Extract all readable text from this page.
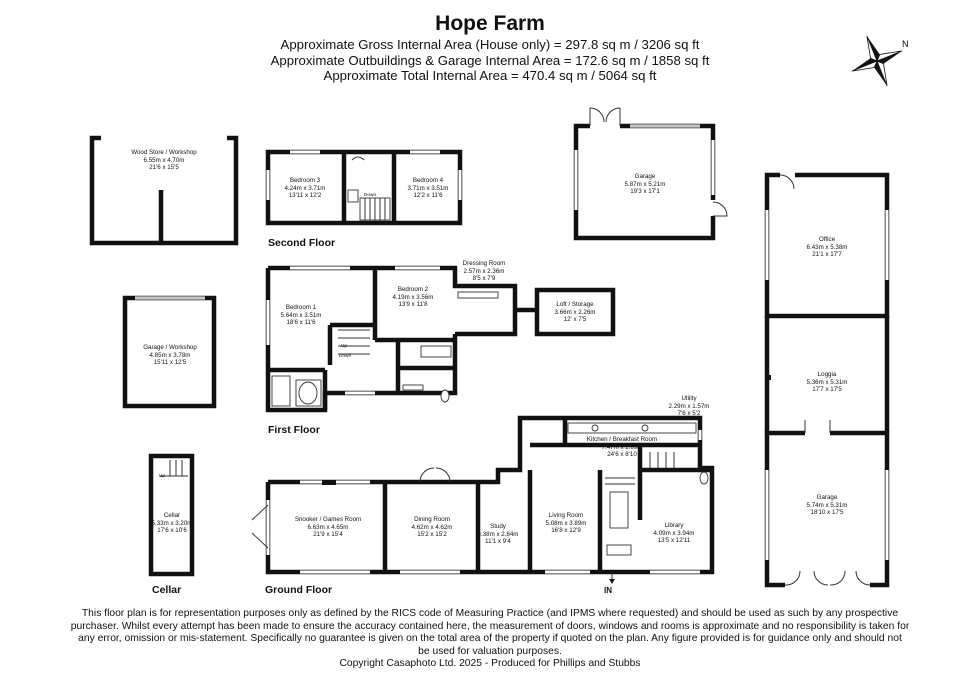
Hope Farm
Approximate Gross Internal Area (House only) = 297.8 sq m / 3206 sq ft
Approximate Outbuildings & Garage Internal Area = 172.6 sq m / 1858 sq ft
Approximate Total Internal Area = 470.4 sq m / 5064 sq ft
N
Second Floor
First Floor
Ground Floor
Cellar
Wood Store / Workshop
6.55m x 4.70m
21'6 x 15'5
Bedroom 3
4.24m x 3.71m
13'11 x 12'2
Bedroom 4
3.71m x 3.51m
12'2 x 11'6
Garage
5.87m x 5.21m
19'3 x 17'1
Office
6.43m x 5.38m
21'1 x 17'7
Dressing Room
2.57m x 2.36m
8'5 x 7'9
Bedroom 1
5.64m x 3.51m
18'6 x 11'6
Bedroom 2
4.19m x 3.56m
13'9 x 11'8	Loft / Storage
3.66m x 2.26m
12' x 7'5
Garage / Workshop
4.85m x 3.78m
15'11 x 12'5
Loggia
5.36m x 5.31m
17'7 x 17'5
Utility
2.29m x 1.57m
7'6 x 5'2
Kitchen / Breakfast Room
7.47m x 2.69m
24'6 x 8'10
Cellar
5.33m x 3.20m
17'6 x 10'6
Snooker / Games Room
6.63m x 4.65m
21'9 x 15'4
Dining Room
4.62m x 4.62m
15'2 x 15'2
Study
3.38m x 2.84m
11'1 x 9'4
Living Room
5.08m x 3.89m
16'8 x 12'9
Library
4.09m x 3.94m
13'5 x 12'11
Garage
5.74m x 5.31m
18'10 x 17'5
Down
Down
Up
Up
IN
This floor plan is for representation purposes only as defined by the RICS code of Measuring Practice (and IPMS where requested) and should be used as such by any prospective
purchaser. Whilst every attempt has been made to ensure the accuracy contained here, the measurement of doors, windows and rooms is approximate and no responsibility is taken for
any error, omission or mis-statement. Specifically no guarantee is given on the total area of the property if quoted on the plan. Any figure provided is for guidance only and should not
be used for valuation purposes.
Copyright Casaphoto Ltd. 2025 - Produced for Phillips and Stubbs
